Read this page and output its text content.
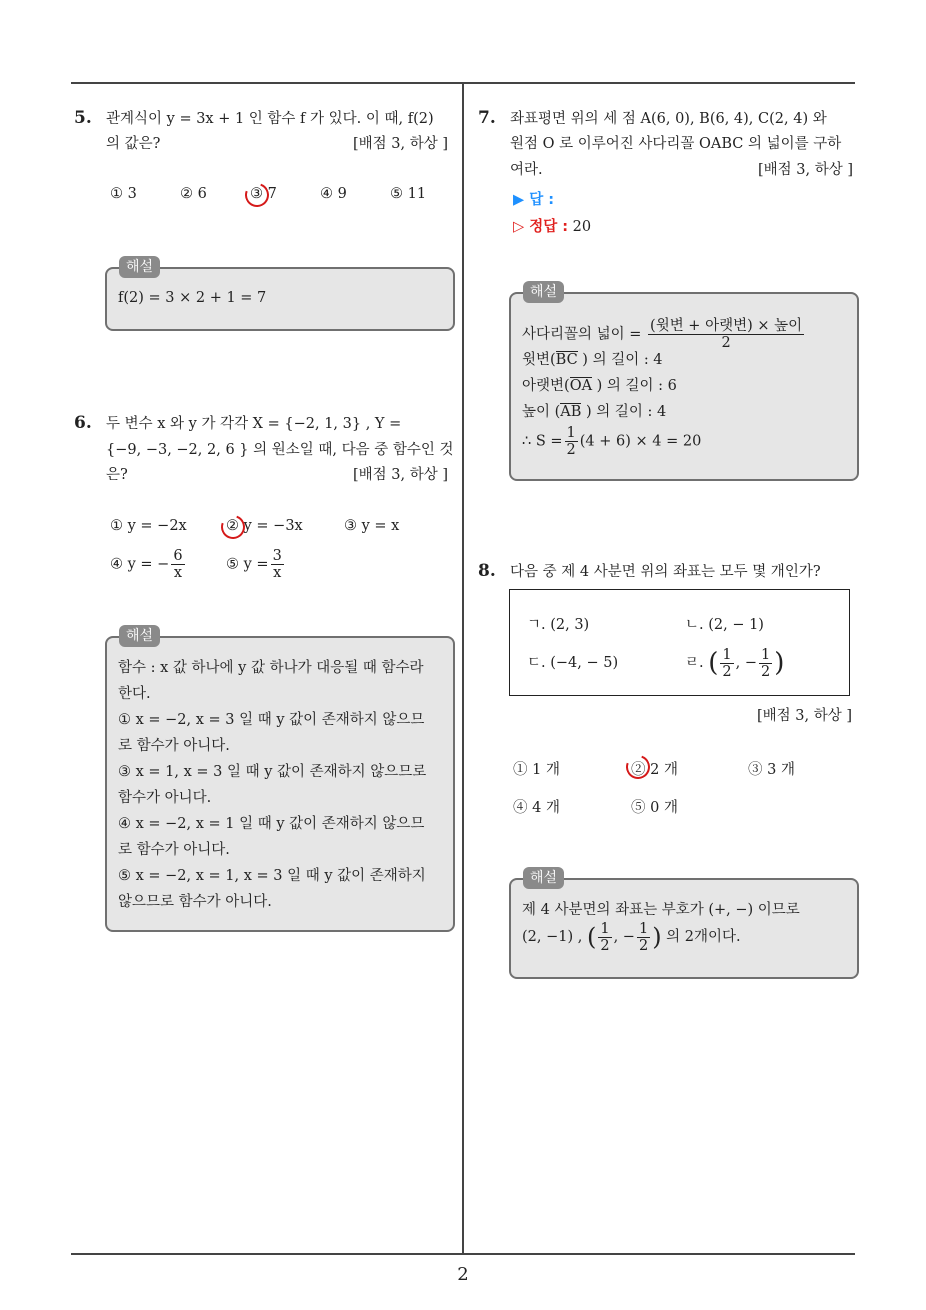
5. 관계식이 y = 3x + 1 인 함수 f 가 있다. 이 때, f(2)
의 값은?	[배점 3, 하상 ]
① 3	② 6	③ 7	④ 9	⑤ 11
해설
f(2) = 3 × 2 + 1 = 7
6. 두 변수 x 와 y 가 각각 X = {−2, 1, 3} , Y =
{−9, −3, −2, 2, 6 } 의 원소일 때, 다음 중 함수인 것
은?	[배점 3, 하상 ]
① y = −2x	② y = −3x	③ y = x
④ y = − $\frac{6}{x}$	⑤ $y = \frac{3}{x}$
해설
함수 : x 값 하나에 y 값 하나가 대응될 때 함수라
한다.
① x = −2, x = 3 일 때 y 값이 존재하지 않으므
로 함수가 아니다.
③ x = 1, x = 3 일 때 y 값이 존재하지 않으므로
함수가 아니다.
④ x = −2, x = 1 일 때 y 값이 존재하지 않으므
로 함수가 아니다.
⑤ x = −2, x = 1, x = 3 일 때 y 값이 존재하지
않으므로 함수가 아니다.
7. 좌표평면 위의 세 점 A(6, 0), B(6, 4), C(2, 4) 와
원점 O 로 이루어진 사다리꼴 OABC 의 넓이를 구하
여라.	[배점 3, 하상 ]
▶ 답 :
▷ 정답 : 20
해설
사다리꼴의 넓이 = $\frac{\text{(윗변 + 아랫변) × 높이}}{2}$
윗변(BC ) 의 길이 : 4
아랫변(OA ) 의 길이 : 6
높이 (AB ) 의 길이 : 4
∴ $S = \frac{1}{2} (4 + 6) \times 4 = 20$
8. 다음 중 제 4 사분면 위의 좌표는 모두 몇 개인가?
ㄱ. (2, 3)	ㄴ. (2, − 1)
ㄷ. (−4, − 5)	ㄹ. ( $\frac{1}{2}$ , − $\frac{1}{2}$ )
[배점 3, 하상 ]
① 1 개	② 2 개	③ 3 개
④ 4 개	⑤ 0 개
해설
제 4 사분면의 좌표는 부호가 (+, −) 이므로
(2, −1) , ( $\frac{1}{2}$ , − $\frac{1}{2}$ ) 의 2개이다.
2
